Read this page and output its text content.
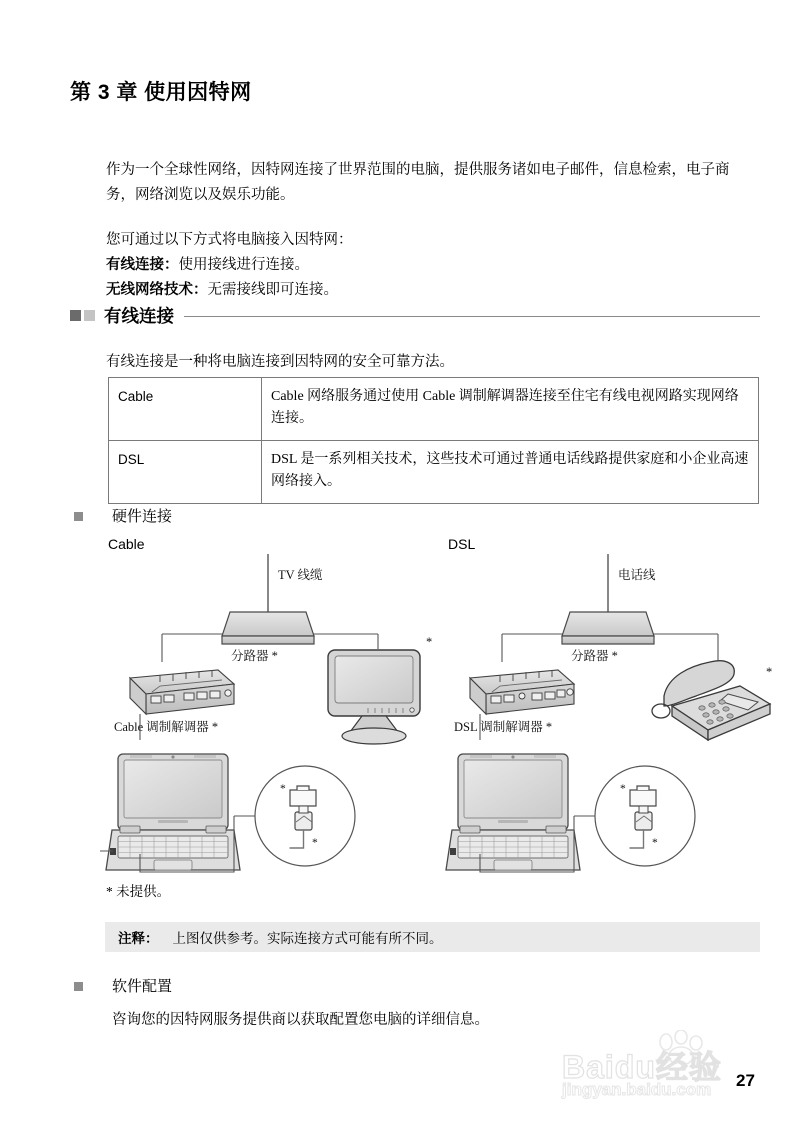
第 3 章 使用因特网

作为一个全球性网络，因特网连接了世界范围的电脑，提供服务诸如电子邮件，信息检索，电子商务，网络浏览以及娱乐功能。

您可通过以下方式将电脑接入因特网：

有线连接：使用接线进行连接。

无线网络技术：无需接线即可连接。

有线连接
有线连接是一种将电脑连接到因特网的安全可靠方法。
Cable	Cable 网络服务通过使用 Cable 调制解调器连接至住宅有线电视网路实现网络连接。
DSL	DSL 是一系列相关技术，这些技术可通过普通电话线路提供家庭和小企业高速网络接入。
硬件连接
Cable
TV 线缆
分路器 *
Cable 调制解调器 *
*
*
*
DSL
电话线
分路器 *
DSL 调制解调器 *
*
*
*
* 未提供。
注释： 上图仅供参考。实际连接方式可能有所不同。
软件配置
咨询您的因特网服务提供商以获取配置您电脑的详细信息。
Baidu经验
jingyan.baidu.com 27
